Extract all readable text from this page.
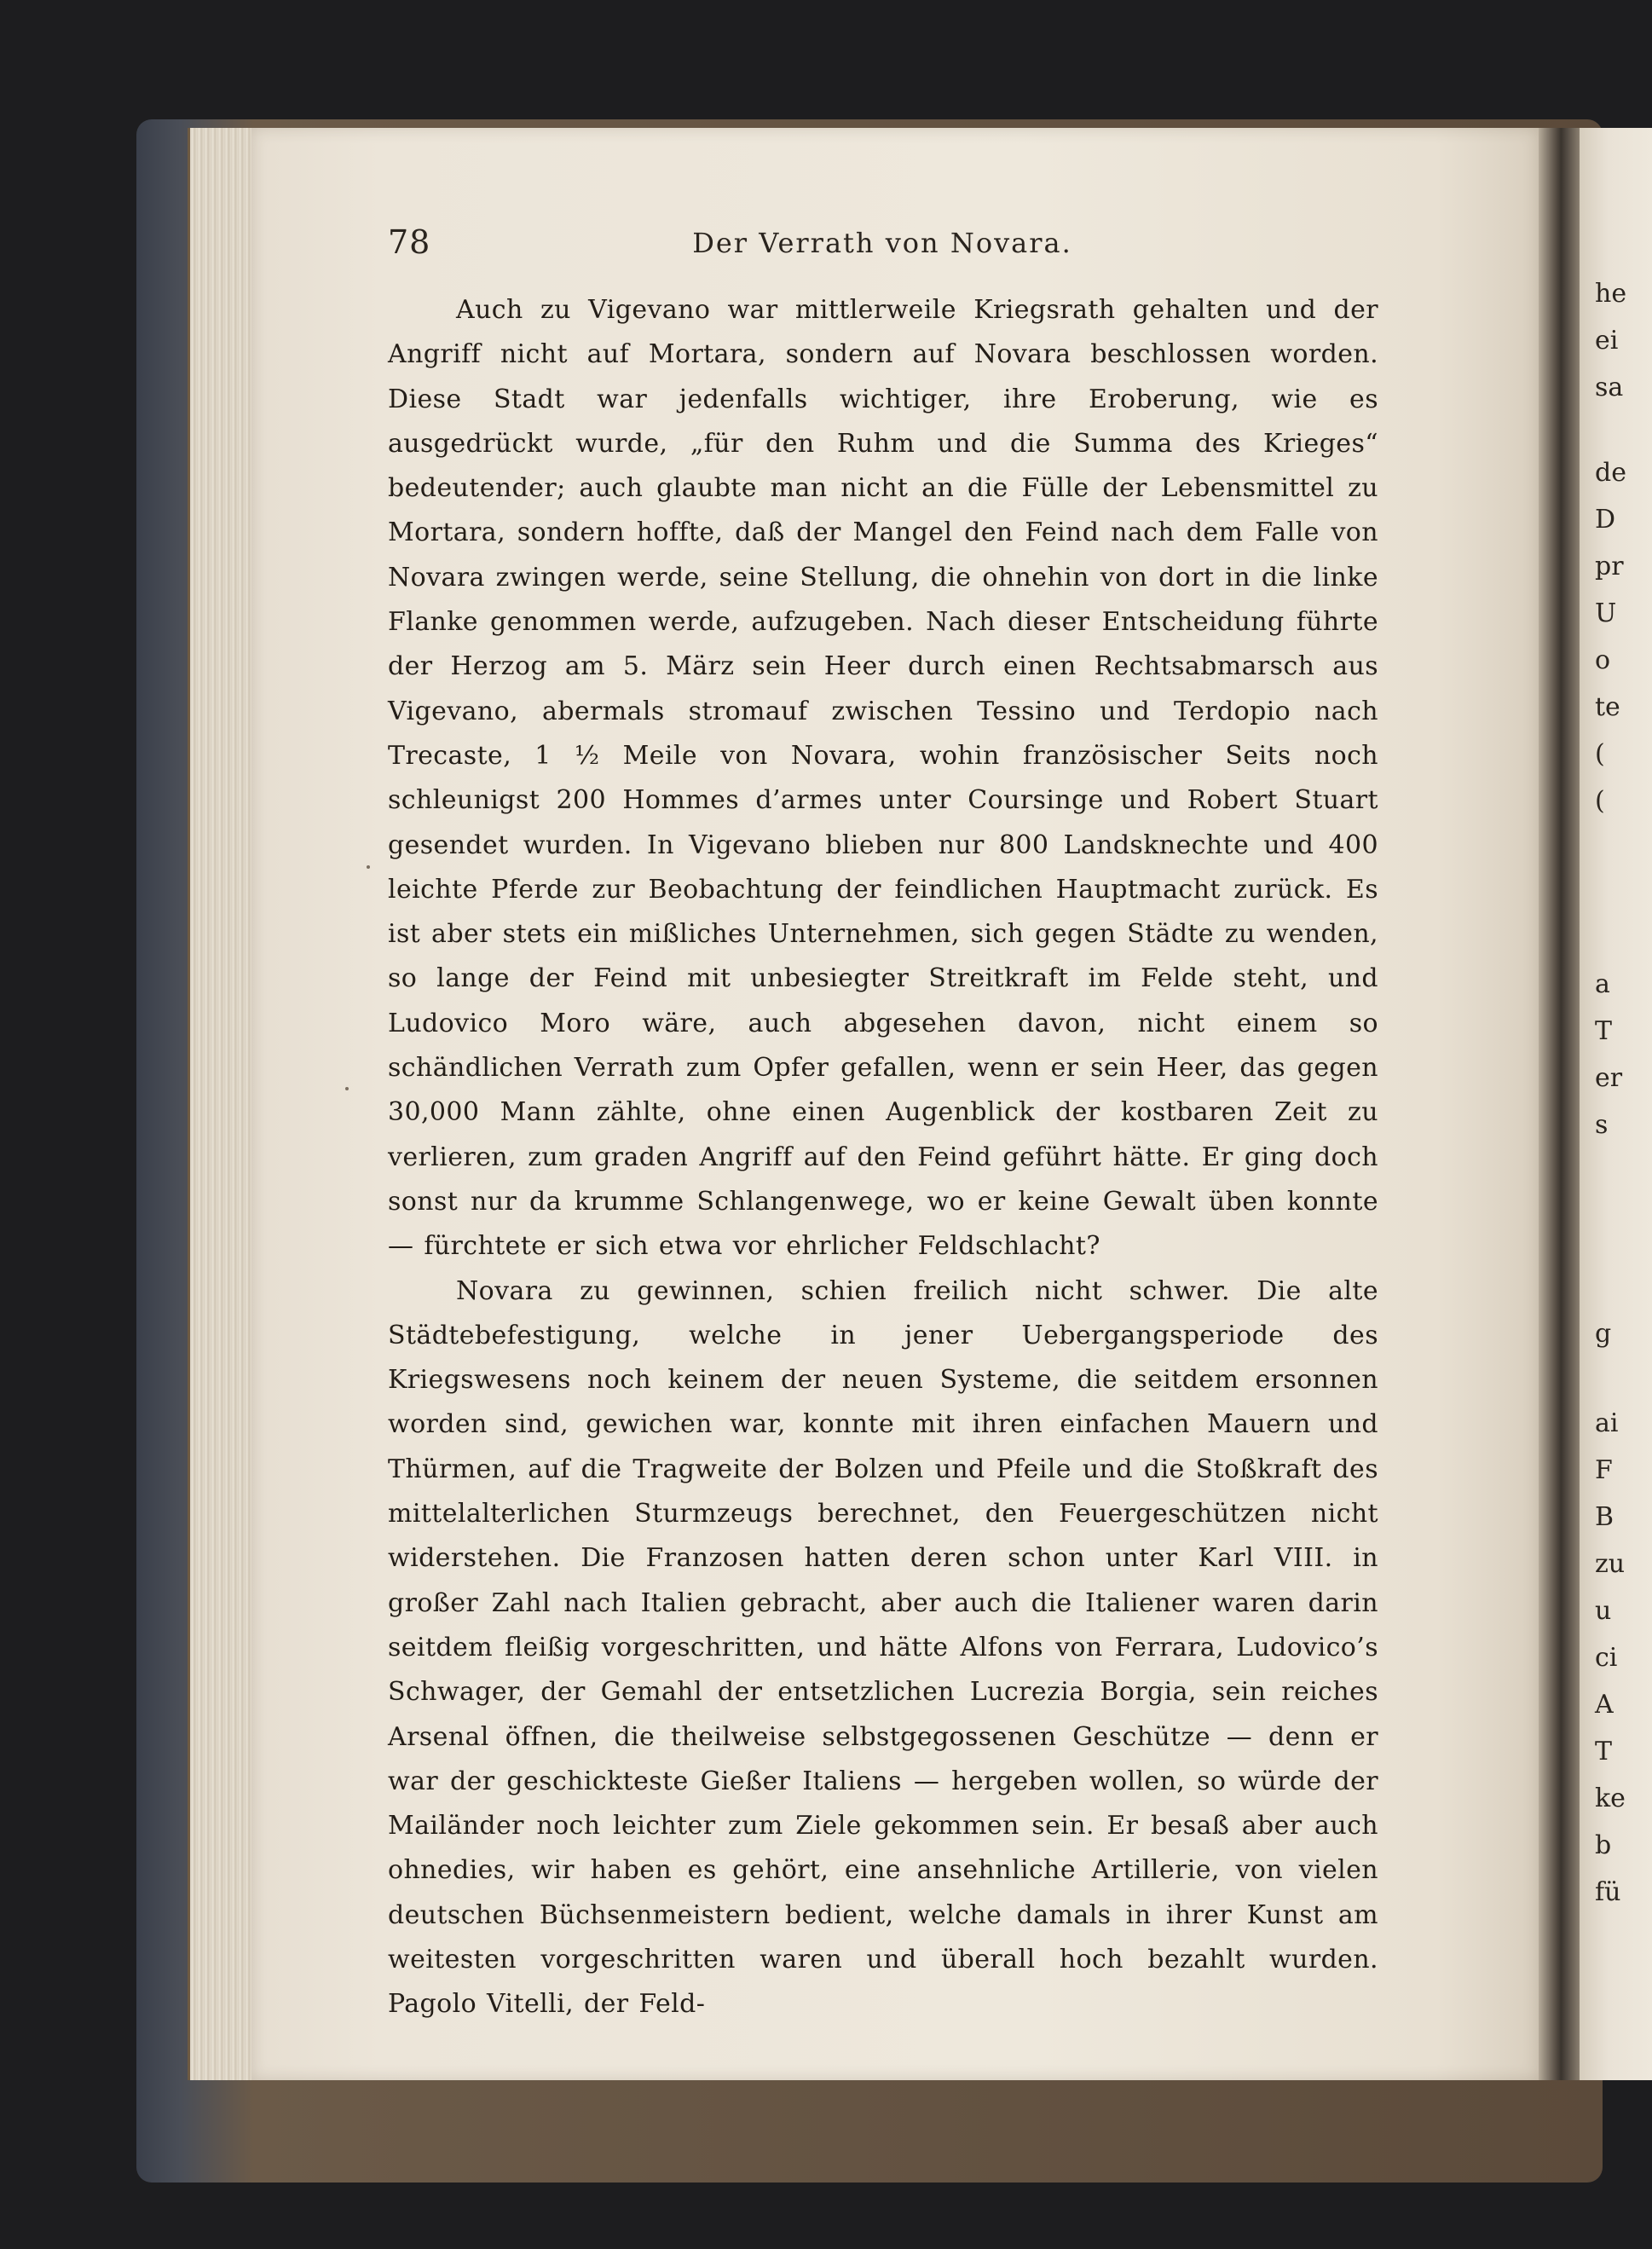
he
ei
sa
de
D
pr
U
o
te
(
(
a
T
er
s
g
ai
F
B
zu
u
ci
A
T
ke
b
fü
78	Der Verrath von Novara.

Auch zu Vigevano war mittlerweile Kriegsrath gehalten und der Angriff nicht auf Mortara, sondern auf Novara beschlossen worden. Diese Stadt war jedenfalls wichtiger, ihre Eroberung, wie es ausgedrückt wurde, „für den Ruhm und die Summa des Krieges“ bedeutender; auch glaubte man nicht an die Fülle der Lebensmittel zu Mortara, sondern hoffte, daß der Mangel den Feind nach dem Falle von Novara zwingen werde, seine Stellung, die ohnehin von dort in die linke Flanke genommen werde, aufzugeben. Nach dieser Entscheidung führte der Herzog am 5. März sein Heer durch einen Rechtsabmarsch aus Vigevano, abermals stromauf zwischen Tessino und Terdopio nach Trecaste, 1 ½ Meile von Novara, wohin französischer Seits noch schleunigst 200 Hommes d’armes unter Coursinge und Robert Stuart gesendet wurden. In Vigevano blieben nur 800 Landsknechte und 400 leichte Pferde zur Beobachtung der feindlichen Hauptmacht zurück. Es ist aber stets ein mißliches Unternehmen, sich gegen Städte zu wenden, so lange der Feind mit unbesiegter Streitkraft im Felde steht, und Ludovico Moro wäre, auch abgesehen davon, nicht einem so schändlichen Verrath zum Opfer gefallen, wenn er sein Heer, das gegen 30,000 Mann zählte, ohne einen Augenblick der kostbaren Zeit zu verlieren, zum graden Angriff auf den Feind geführt hätte. Er ging doch sonst nur da krumme Schlangenwege, wo er keine Gewalt üben konnte — fürchtete er sich etwa vor ehrlicher Feldschlacht?

Novara zu gewinnen, schien freilich nicht schwer. Die alte Städtebefestigung, welche in jener Uebergangsperiode des Kriegswesens noch keinem der neuen Systeme, die seitdem ersonnen worden sind, gewichen war, konnte mit ihren einfachen Mauern und Thürmen, auf die Tragweite der Bolzen und Pfeile und die Stoßkraft des mittelalterlichen Sturmzeugs berechnet, den Feuergeschützen nicht widerstehen. Die Franzosen hatten deren schon unter Karl VIII. in großer Zahl nach Italien gebracht, aber auch die Italiener waren darin seitdem fleißig vorgeschritten, und hätte Alfons von Ferrara, Ludovico’s Schwager, der Gemahl der entsetzlichen Lucrezia Borgia, sein reiches Arsenal öffnen, die theilweise selbstgegossenen Geschütze — denn er war der geschickteste Gießer Italiens — hergeben wollen, so würde der Mailänder noch leichter zum Ziele gekommen sein. Er besaß aber auch ohnedies, wir haben es gehört, eine ansehnliche Artillerie, von vielen deutschen Büchsenmeistern bedient, welche damals in ihrer Kunst am weitesten vorgeschritten waren und überall hoch bezahlt wurden. Pagolo Vitelli, der Feld-
